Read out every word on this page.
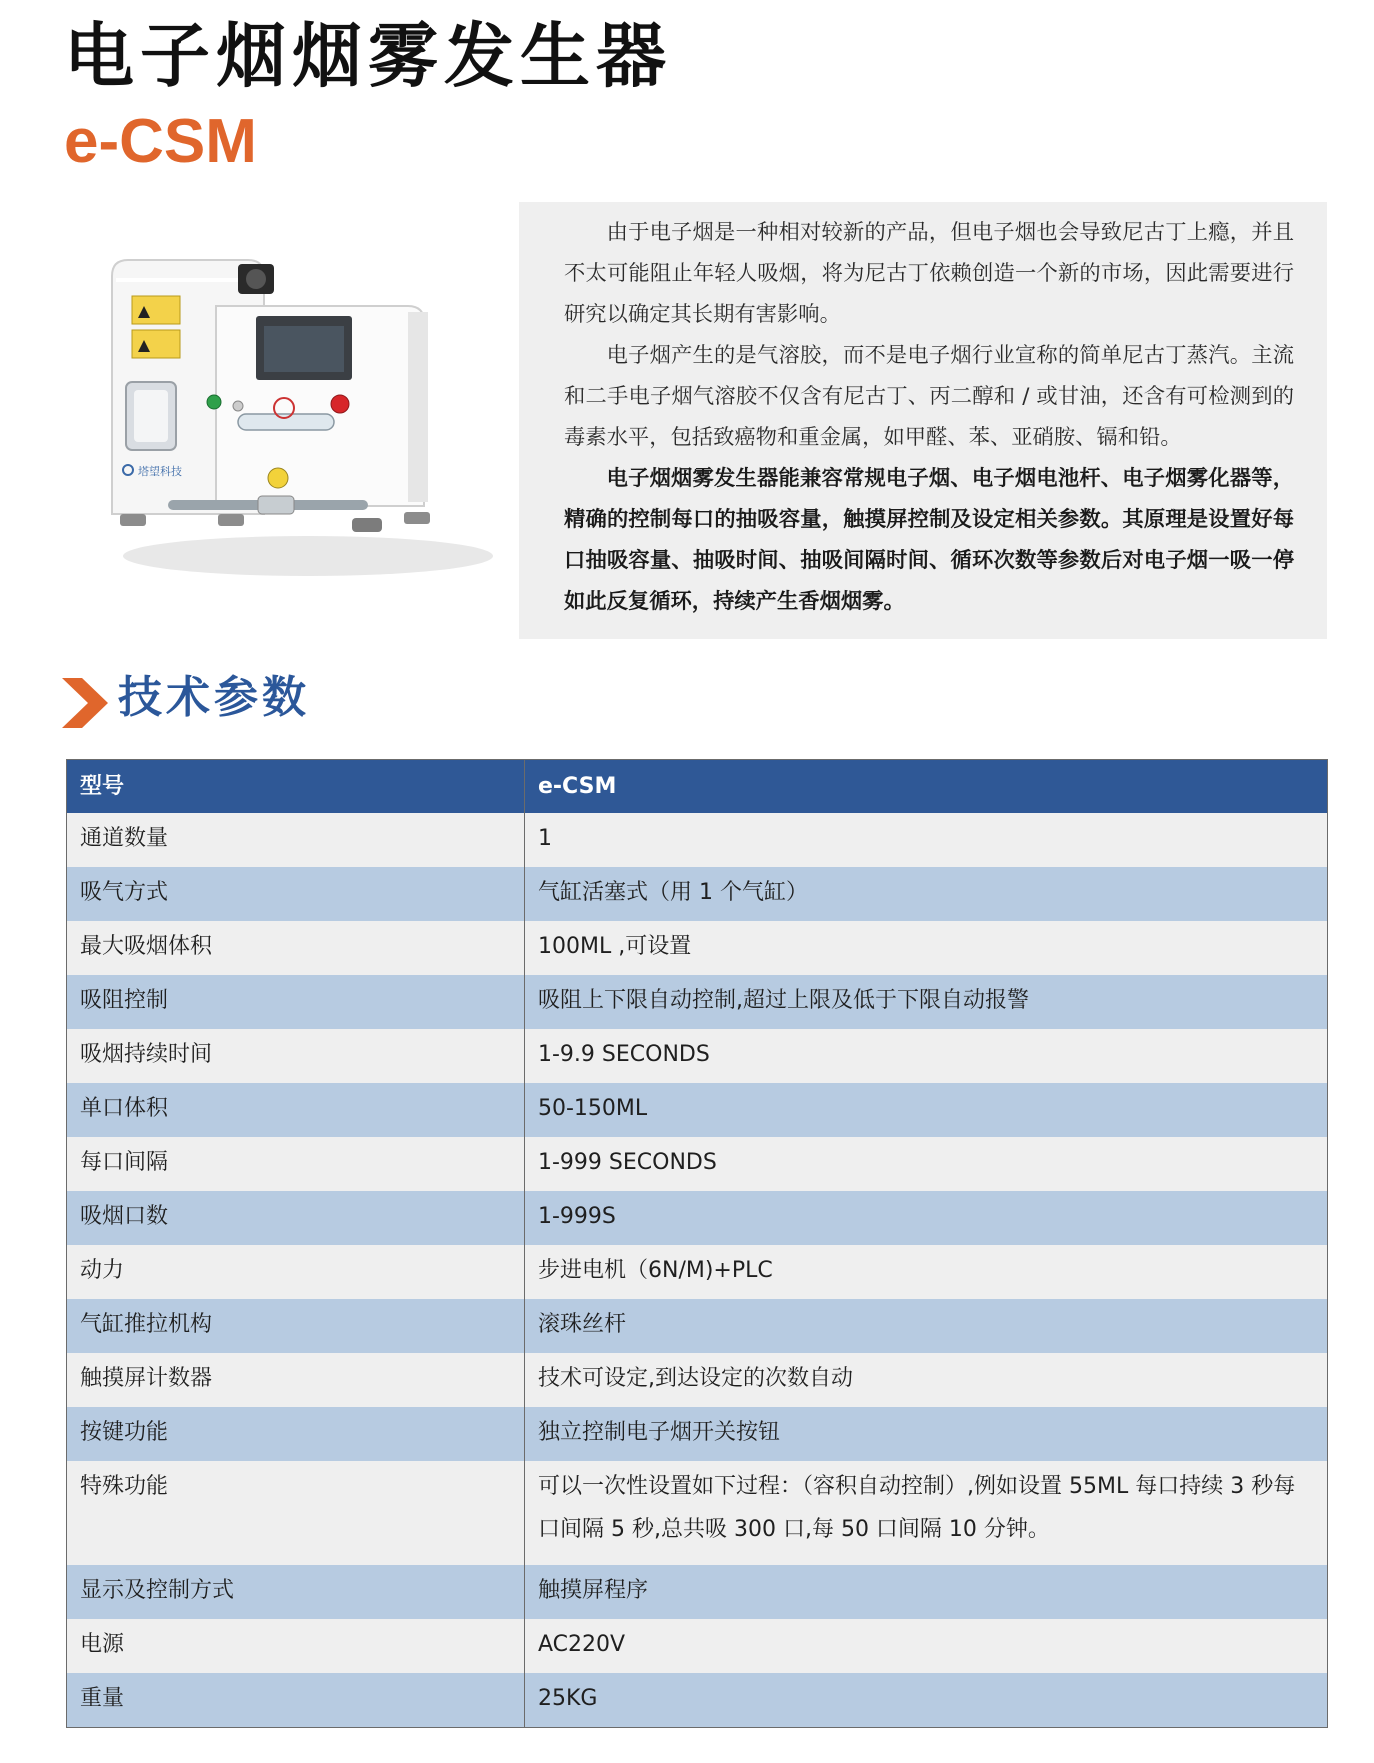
电子烟烟雾发生器
e-CSM
塔望科技

由于电子烟是一种相对较新的产品，但电子烟也会导致尼古丁上瘾，并且不太可能阻止年轻人吸烟，将为尼古丁依赖创造一个新的市场，因此需要进行研究以确定其长期有害影响。

电子烟产生的是气溶胶，而不是电子烟行业宣称的简单尼古丁蒸汽。主流和二手电子烟气溶胶不仅含有尼古丁、丙二醇和 / 或甘油，还含有可检测到的毒素水平，包括致癌物和重金属，如甲醛、苯、亚硝胺、镉和铅。

电子烟烟雾发生器能兼容常规电子烟、电子烟电池杆、电子烟雾化器等，精确的控制每口的抽吸容量，触摸屏控制及设定相关参数。其原理是设置好每口抽吸容量、抽吸时间、抽吸间隔时间、循环次数等参数后对电子烟一吸一停如此反复循环，持续产生香烟烟雾。

技术参数
型号	e-CSM
通道数量	1
吸气方式	气缸活塞式（用 1 个气缸）
最大吸烟体积	100ML ,可设置
吸阻控制	吸阻上下限自动控制,超过上限及低于下限自动报警
吸烟持续时间	1-9.9 SECONDS
单口体积	50-150ML
每口间隔	1-999 SECONDS
吸烟口数	1-999S
动力	步进电机（6N/M)+PLC
气缸推拉机构	滚珠丝杆
触摸屏计数器	技术可设定,到达设定的次数自动
按键功能	独立控制电子烟开关按钮
特殊功能	可以一次性设置如下过程：（容积自动控制）,例如设置 55ML 每口持续 3 秒每口间隔 5 秒,总共吸 300 口,每 50 口间隔 10 分钟。
显示及控制方式	触摸屏程序
电源	AC220V
重量	25KG
